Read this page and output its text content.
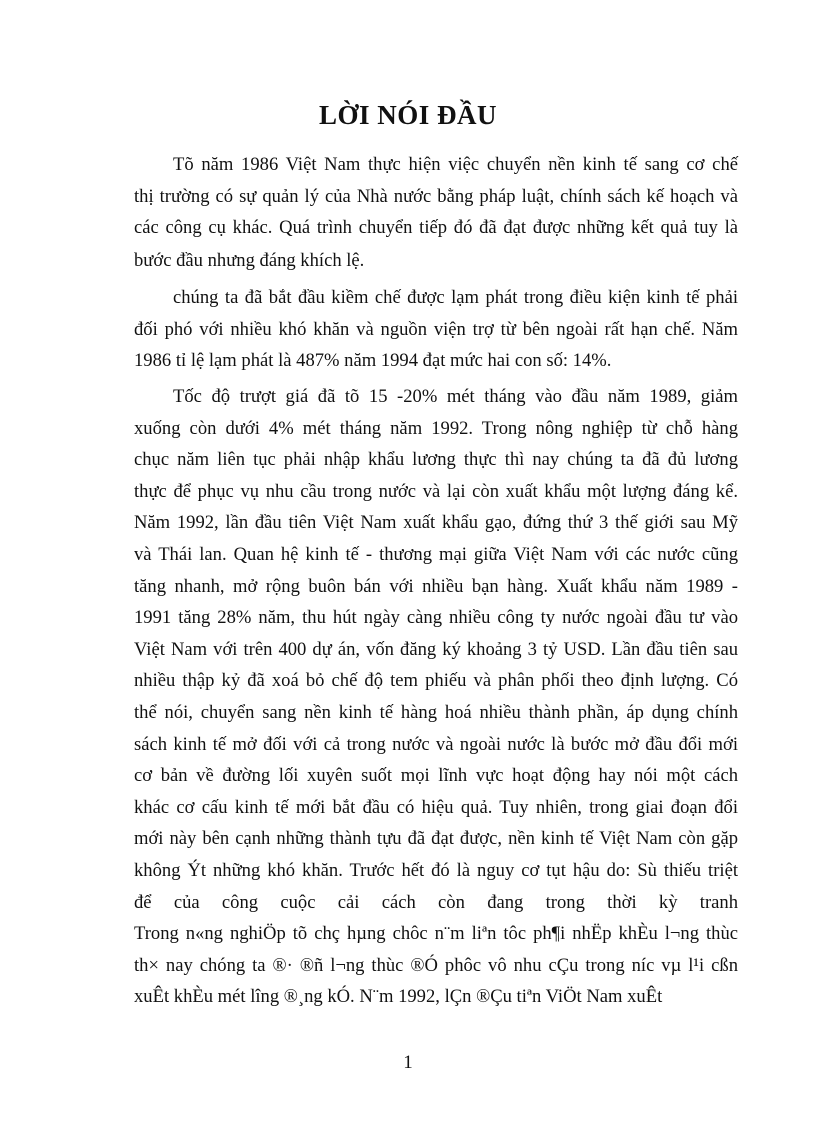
LỜI NÓI ĐẦU

Tõ năm 1986 Việt Nam thực hiện việc chuyển nền kinh tế sang cơ chế

thị trường có sự quản lý của Nhà nước bằng pháp luật, chính sách kế hoạch và

các công cụ khác. Quá trình chuyển tiếp đó đã đạt được những kết quả tuy là

bước đầu nhưng đáng khích lệ.

chúng ta đã bắt đầu kiềm chế được lạm phát trong điều kiện kinh tế phải

đối phó với nhiều khó khăn và nguồn viện trợ từ bên ngoài rất hạn chế. Năm

1986 tỉ lệ lạm phát là 487% năm 1994 đạt mức hai con số: 14%.

Tốc độ trượt giá đã tõ 15 -20% mét tháng vào đầu năm 1989, giảm

xuống còn dưới 4% mét tháng năm 1992. Trong nông nghiệp từ chỗ hàng

chục năm liên tục phải nhập khẩu lương thực thì nay chúng ta đã đủ lương

thực để phục vụ nhu cầu trong nước và lại còn xuất khẩu một lượng đáng kể.

Năm 1992, lần đầu tiên Việt Nam xuất khẩu gạo, đứng thứ 3 thế giới sau Mỹ

và Thái lan. Quan hệ kinh tế - thương mại giữa Việt Nam với các nước cũng

tăng nhanh, mở rộng buôn bán với nhiều bạn hàng. Xuất khẩu năm 1989 -

1991 tăng 28% năm, thu hút ngày càng nhiều công ty nước ngoài đầu tư vào

Việt Nam với trên 400 dự án, vốn đăng ký khoảng 3 tỷ USD. Lần đầu tiên sau

nhiều thập kỷ đã xoá bỏ chế độ tem phiếu và phân phối theo định lượng. Có

thể nói, chuyển sang nền kinh tế hàng hoá nhiều thành phần, áp dụng chính

sách kinh tế mở đối với cả trong nước và ngoài nước là bước mở đầu đổi mới

cơ bản về đường lối xuyên suốt mọi lĩnh vực hoạt động hay nói một cách

khác cơ cấu kinh tế mới bắt đầu có hiệu quả. Tuy nhiên, trong giai đoạn đổi

mới này bên cạnh những thành tựu đã đạt được, nền kinh tế Việt Nam còn gặp

không Ýt những khó khăn. Trước hết đó là nguy cơ tụt hậu do: Sù thiếu triệt

để của công cuộc cải cách còn đang trong thời kỳ tranh

Trong n«ng nghiÖp tõ chç hµng chôc n¨m liªn tôc ph¶i nhËp khÈu l¬ng thùc

th× nay chóng ta ®· ®ñ l¬ng thùc ®Ó phôc vô nhu cÇu trong níc vµ l¹i cßn

xuÊt khÈu mét lîng ®¸ng kÓ. N¨m 1992, lÇn ®Çu tiªn ViÖt Nam xuÊt

1
